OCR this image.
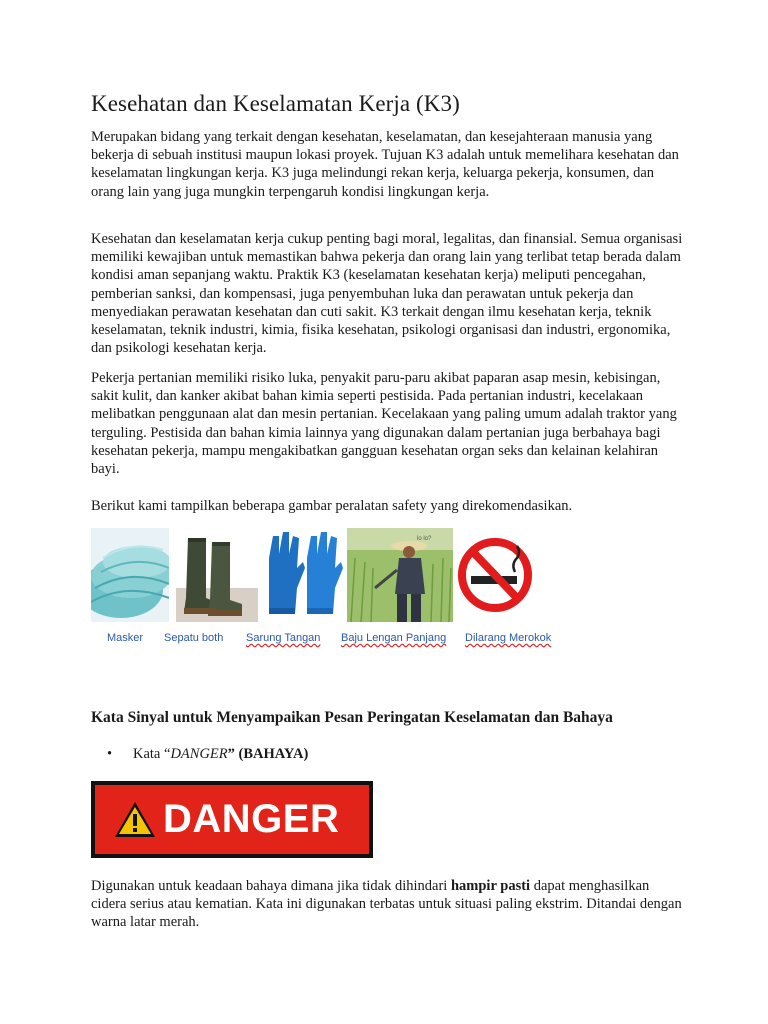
Kesehatan dan Keselamatan Kerja (K3)

Merupakan bidang yang terkait dengan kesehatan, keselamatan, dan kesejahteraan manusia yang bekerja di sebuah institusi maupun lokasi proyek. Tujuan K3 adalah untuk memelihara kesehatan dan keselamatan lingkungan kerja. K3 juga melindungi rekan kerja, keluarga pekerja, konsumen, dan orang lain yang juga mungkin terpengaruh kondisi lingkungan kerja.

Kesehatan dan keselamatan kerja cukup penting bagi moral, legalitas, dan finansial. Semua organisasi memiliki kewajiban untuk memastikan bahwa pekerja dan orang lain yang terlibat tetap berada dalam kondisi aman sepanjang waktu. Praktik K3 (keselamatan kesehatan kerja) meliputi pencegahan, pemberian sanksi, dan kompensasi, juga penyembuhan luka dan perawatan untuk pekerja dan menyediakan perawatan kesehatan dan cuti sakit. K3 terkait dengan ilmu kesehatan kerja, teknik keselamatan, teknik industri, kimia, fisika kesehatan, psikologi organisasi dan industri, ergonomika, dan psikologi kesehatan kerja.

Pekerja pertanian memiliki risiko luka, penyakit paru-paru akibat paparan asap mesin, kebisingan, sakit kulit, dan kanker akibat bahan kimia seperti pestisida. Pada pertanian industri, kecelakaan melibatkan penggunaan alat dan mesin pertanian. Kecelakaan yang paling umum adalah traktor yang terguling. Pestisida dan bahan kimia lainnya yang digunakan dalam pertanian juga berbahaya bagi kesehatan pekerja, mampu mengakibatkan gangguan kesehatan organ seks dan kelainan kelahiran bayi.

Berikut kami tampilkan beberapa gambar peralatan safety yang direkomendasikan.

lo lo?
Masker Sepatu both Sarung Tangan Baju Lengan Panjang Dilarang Merokok
Kata Sinyal untuk Menyampaikan Pesan Peringatan Keselamatan dan Bahaya
• Kata “DANGER” (BAHAYA)
DANGER

Digunakan untuk keadaan bahaya dimana jika tidak dihindari hampir pasti dapat menghasilkan cidera serius atau kematian. Kata ini digunakan terbatas untuk situasi paling ekstrim. Ditandai dengan warna latar merah.
